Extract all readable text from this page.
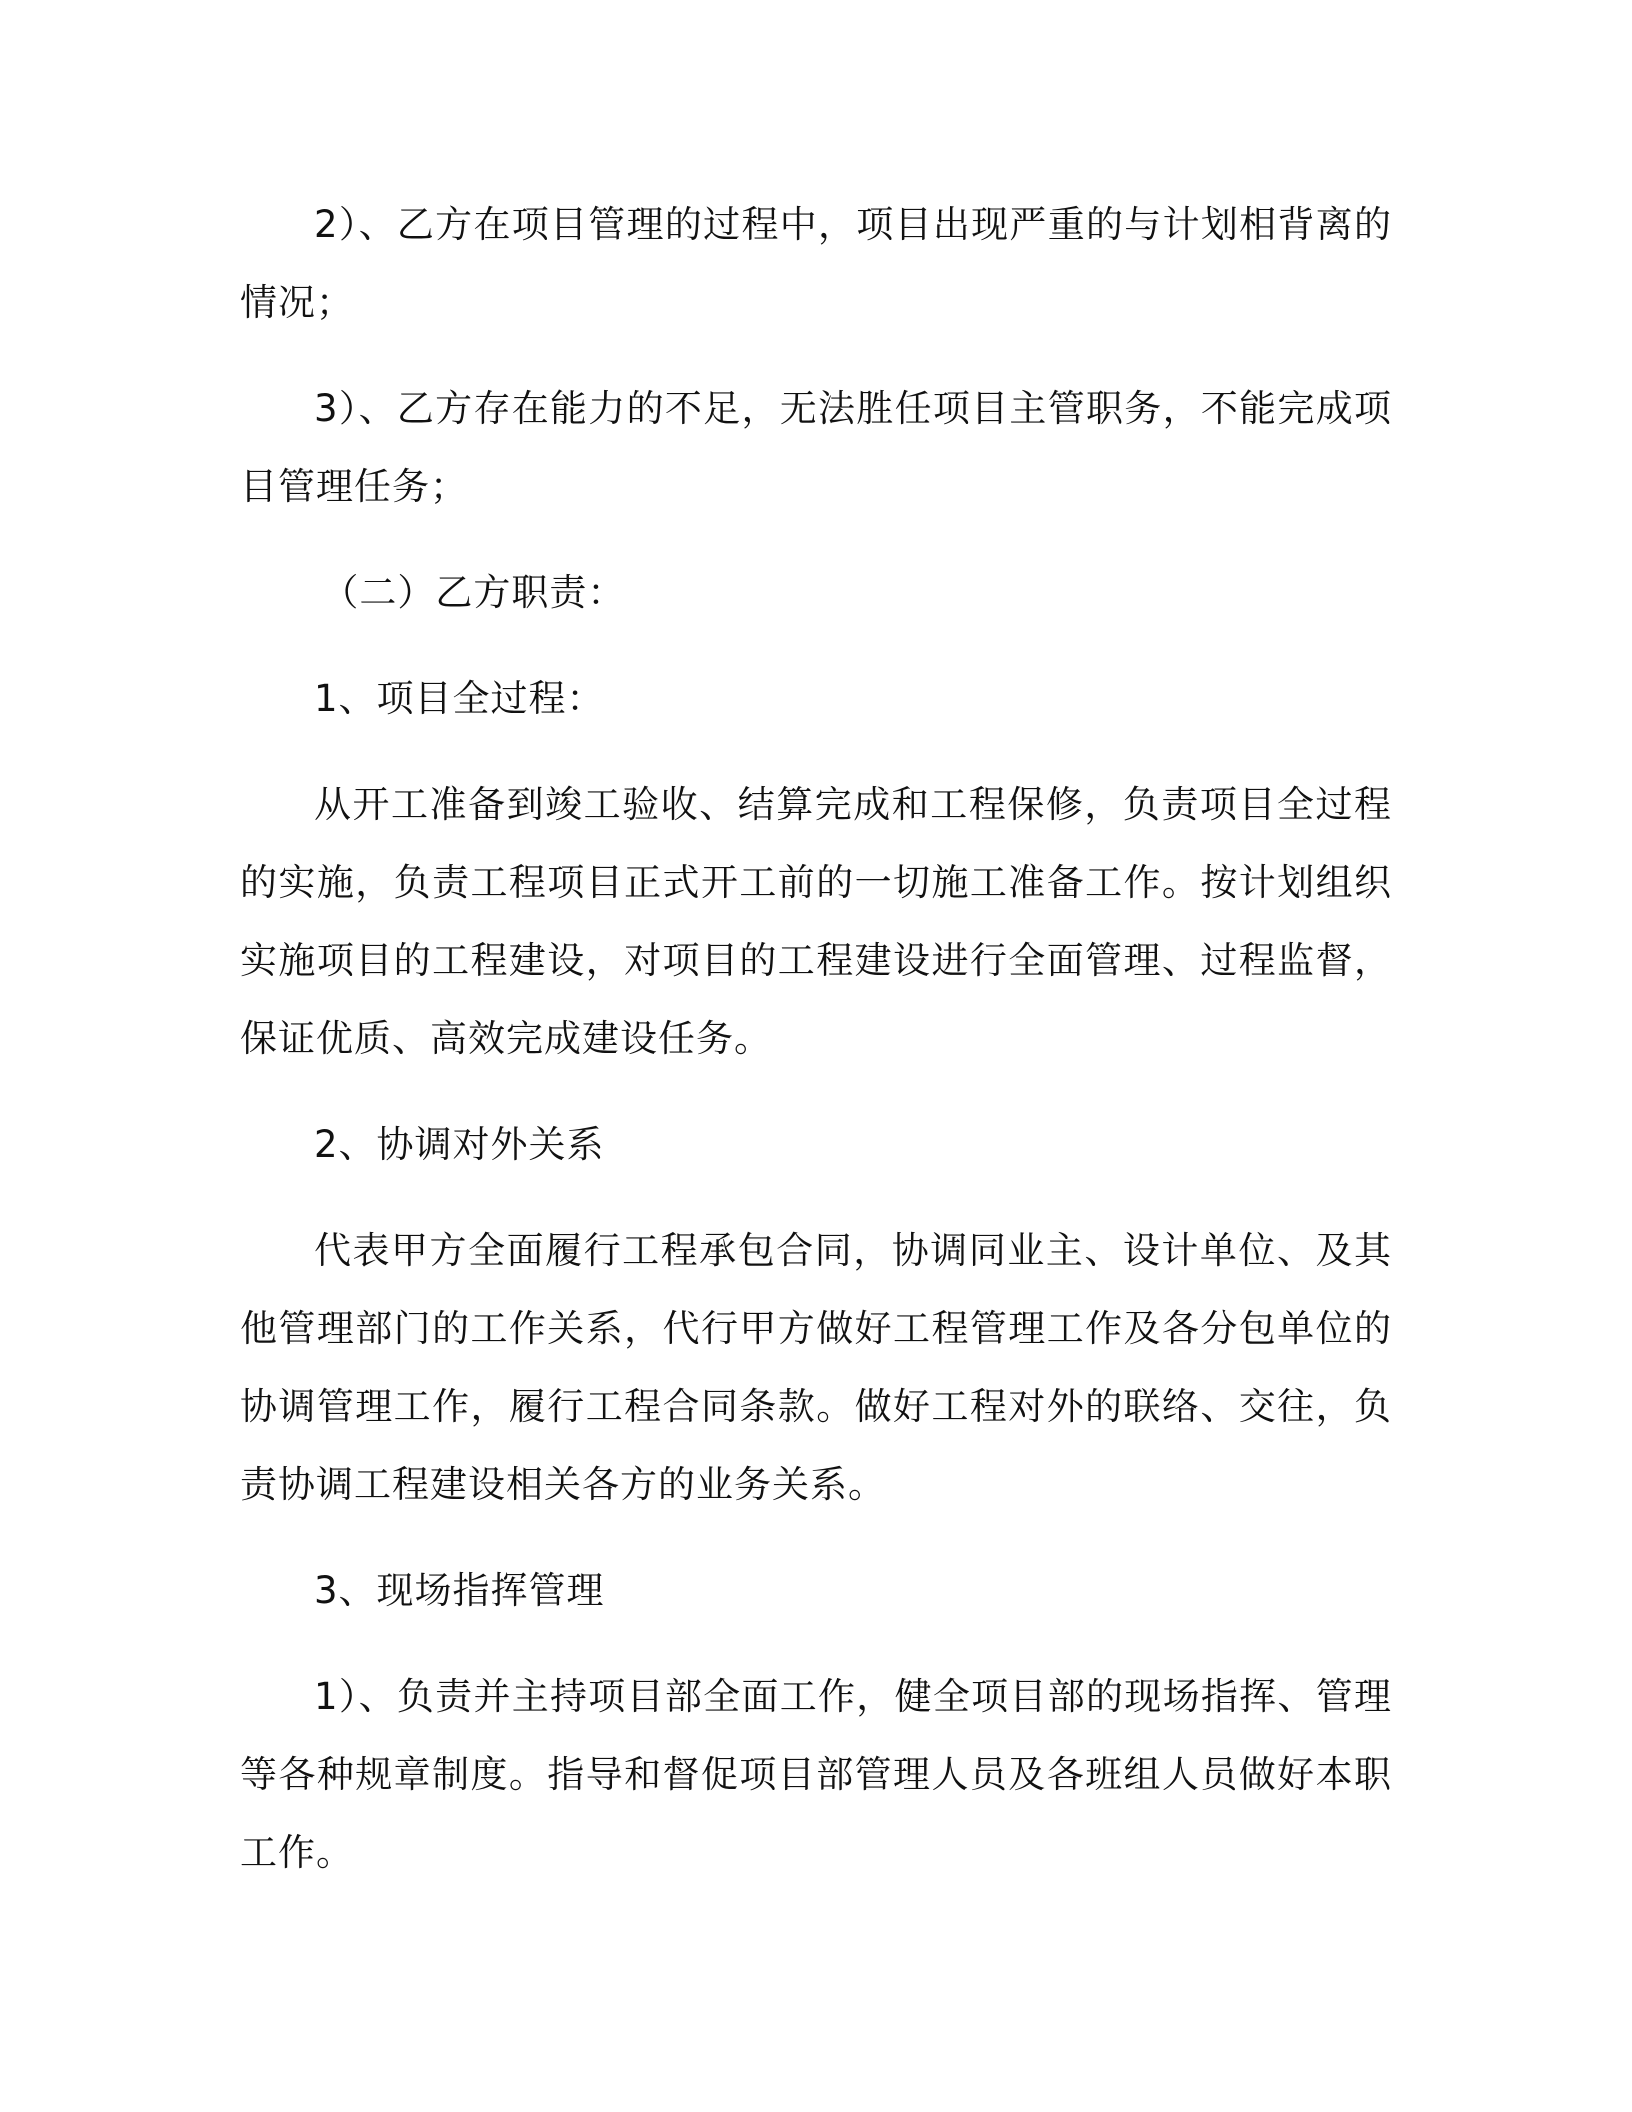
2）、乙方在项目管理的过程中，项目出现严重的与计划相背离的情况；

3）、乙方存在能力的不足，无法胜任项目主管职务，不能完成项目管理任务；

（二）乙方职责：

1、项目全过程：

从开工准备到竣工验收、结算完成和工程保修，负责项目全过程的实施，负责工程项目正式开工前的一切施工准备工作。按计划组织实施项目的工程建设，对项目的工程建设进行全面管理、过程监督，保证优质、高效完成建设任务。

2、协调对外关系

代表甲方全面履行工程承包合同，协调同业主、设计单位、及其他管理部门的工作关系，代行甲方做好工程管理工作及各分包单位的协调管理工作，履行工程合同条款。做好工程对外的联络、交往，负责协调工程建设相关各方的业务关系。

3、现场指挥管理

1）、负责并主持项目部全面工作，健全项目部的现场指挥、管理等各种规章制度。指导和督促项目部管理人员及各班组人员做好本职工作。
